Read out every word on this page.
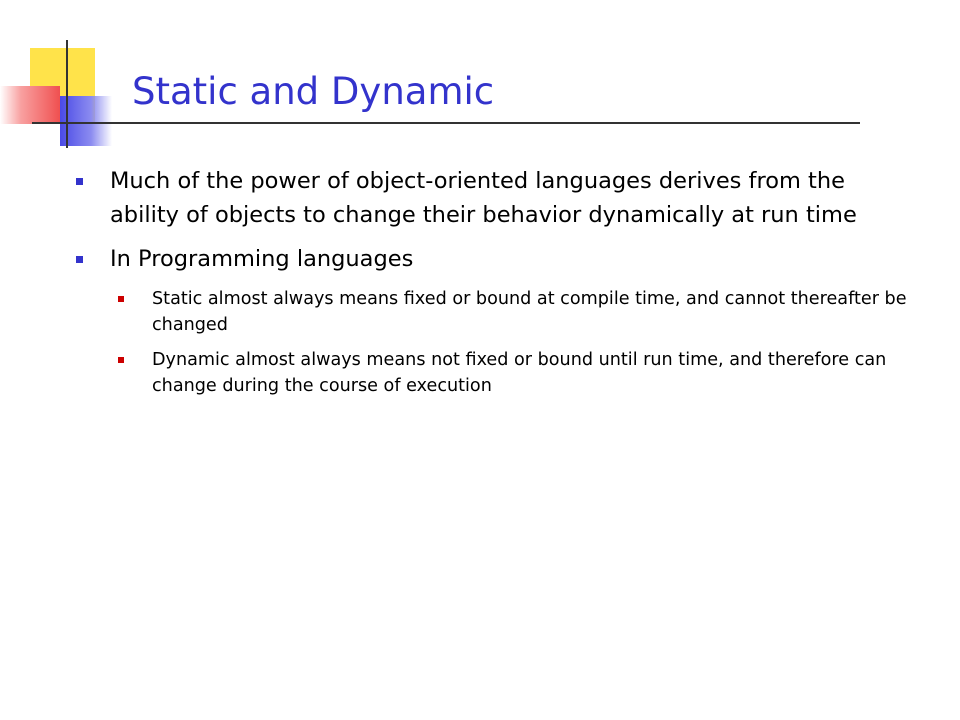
Static and Dynamic
Much of the power of object-oriented languages derives from the ability of objects to change their behavior dynamically at run time
In Programming languages
Static almost always means fixed or bound at compile time, and cannot thereafter be changed
Dynamic almost always means not fixed or bound until run time, and therefore can change during the course of execution
